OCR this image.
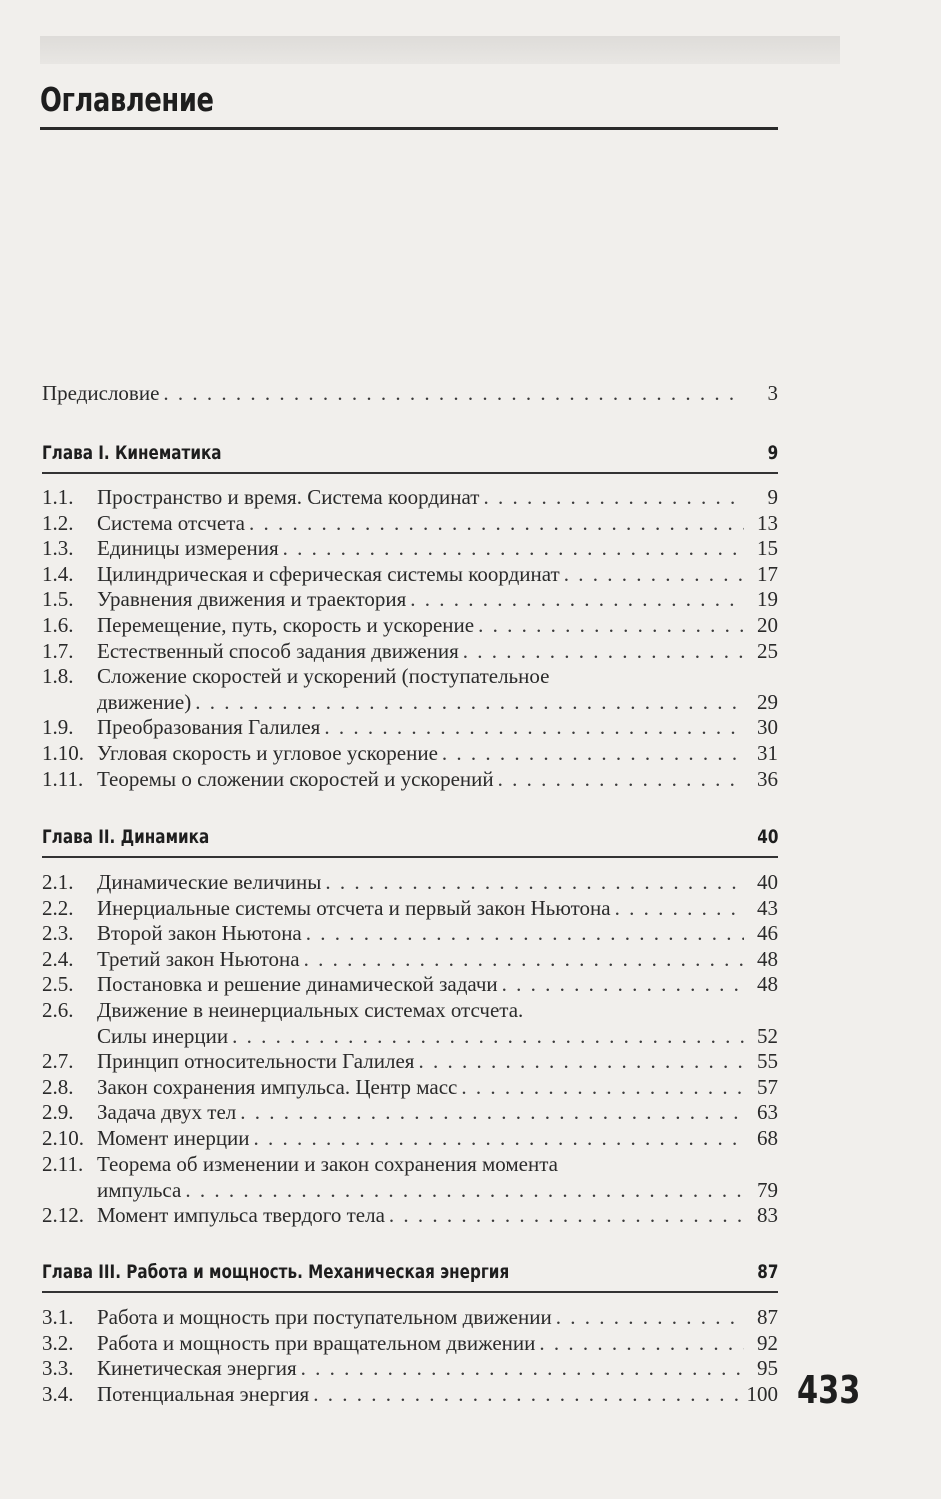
Оглавление
Предисловие . . .	3
Глава I. Кинематика	9
1.1. Пространство и время. Система координат . . .	9
1.2. Система отсчета . . .	13
1.3. Единицы измерения . . .	15
1.4. Цилиндрическая и сферическая системы координат . . .	17
1.5. Уравнения движения и траектория . . .	19
1.6. Перемещение, путь, скорость и ускорение . . .	20
1.7. Естественный способ задания движения . . .	25
1.8. Сложение скоростей и ускорений (поступательное
движение) . . .	29
1.9. Преобразования Галилея . . .	30
1.10. Угловая скорость и угловое ускорение . . .	31
1.11. Теоремы о сложении скоростей и ускорений . . .	36
Глава II. Динамика	40
2.1. Динамические величины . . .	40
2.2. Инерциальные системы отсчета и первый закон Ньютона . . .	43
2.3. Второй закон Ньютона . . .	46
2.4. Третий закон Ньютона . . .	48
2.5. Постановка и решение динамической задачи . . .	48
2.6. Движение в неинерциальных системах отсчета.
Силы инерции . . .	52
2.7. Принцип относительности Галилея . . .	55
2.8. Закон сохранения импульса. Центр масс . . .	57
2.9. Задача двух тел . . .	63
2.10. Момент инерции . . .	68
2.11. Теорема об изменении и закон сохранения момента
импульса . . .	79
2.12. Момент импульса твердого тела . . .	83
Глава III. Работа и мощность. Механическая энергия	87
3.1. Работа и мощность при поступательном движении . . .	87
3.2. Работа и мощность при вращательном движении . . .	92
3.3. Кинетическая энергия . . .	95
3.4. Потенциальная энергия . . .	100 433
